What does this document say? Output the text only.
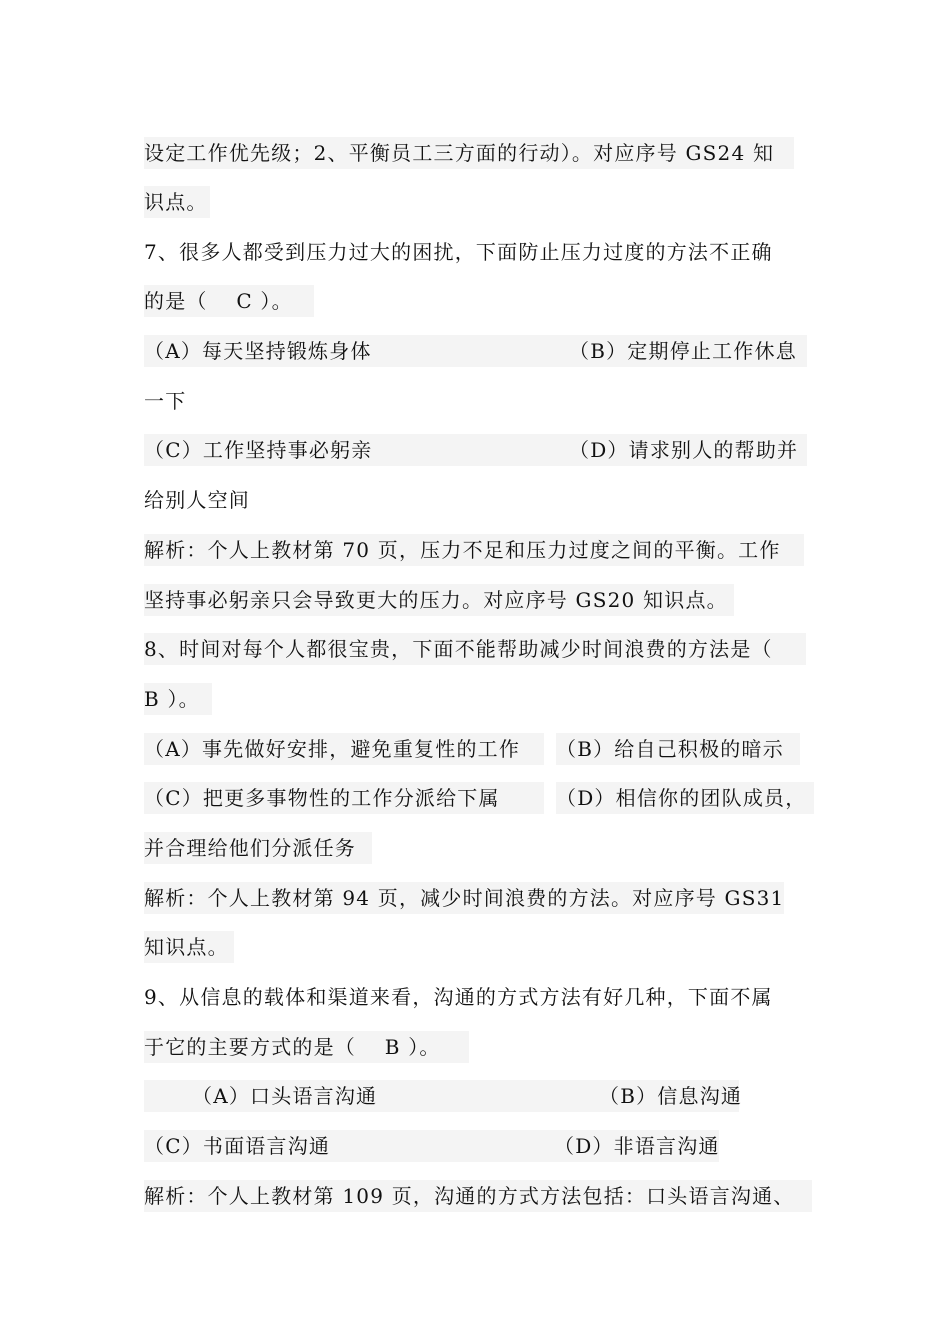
设定工作优先级；2、平衡员工三方面的行动）。对应序号 GS24 知
识点。
7、很多人都受到压力过大的困扰，下面防止压力过度的方法不正确
的是（　 C ）。
（A）每天坚持锻炼身体	（B）定期停止工作休息
一下
（C）工作坚持事必躬亲	（D）请求别人的帮助并
给别人空间
解析：个人上教材第 70 页，压力不足和压力过度之间的平衡。工作
坚持事必躬亲只会导致更大的压力。对应序号 GS20 知识点。
8、时间对每个人都很宝贵，下面不能帮助减少时间浪费的方法是（
B ）。
（A）事先做好安排，避免重复性的工作	（B）给自己积极的暗示
（C）把更多事物性的工作分派给下属	（D）相信你的团队成员，
并合理给他们分派任务
解析：个人上教材第 94 页，减少时间浪费的方法。对应序号 GS31
知识点。
9、从信息的载体和渠道来看，沟通的方式方法有好几种，下面不属
于它的主要方式的是（　 B ）。
（A）口头语言沟通	（B）信息沟通
（C）书面语言沟通	（D）非语言沟通
解析：个人上教材第 109 页，沟通的方式方法包括：口头语言沟通、
